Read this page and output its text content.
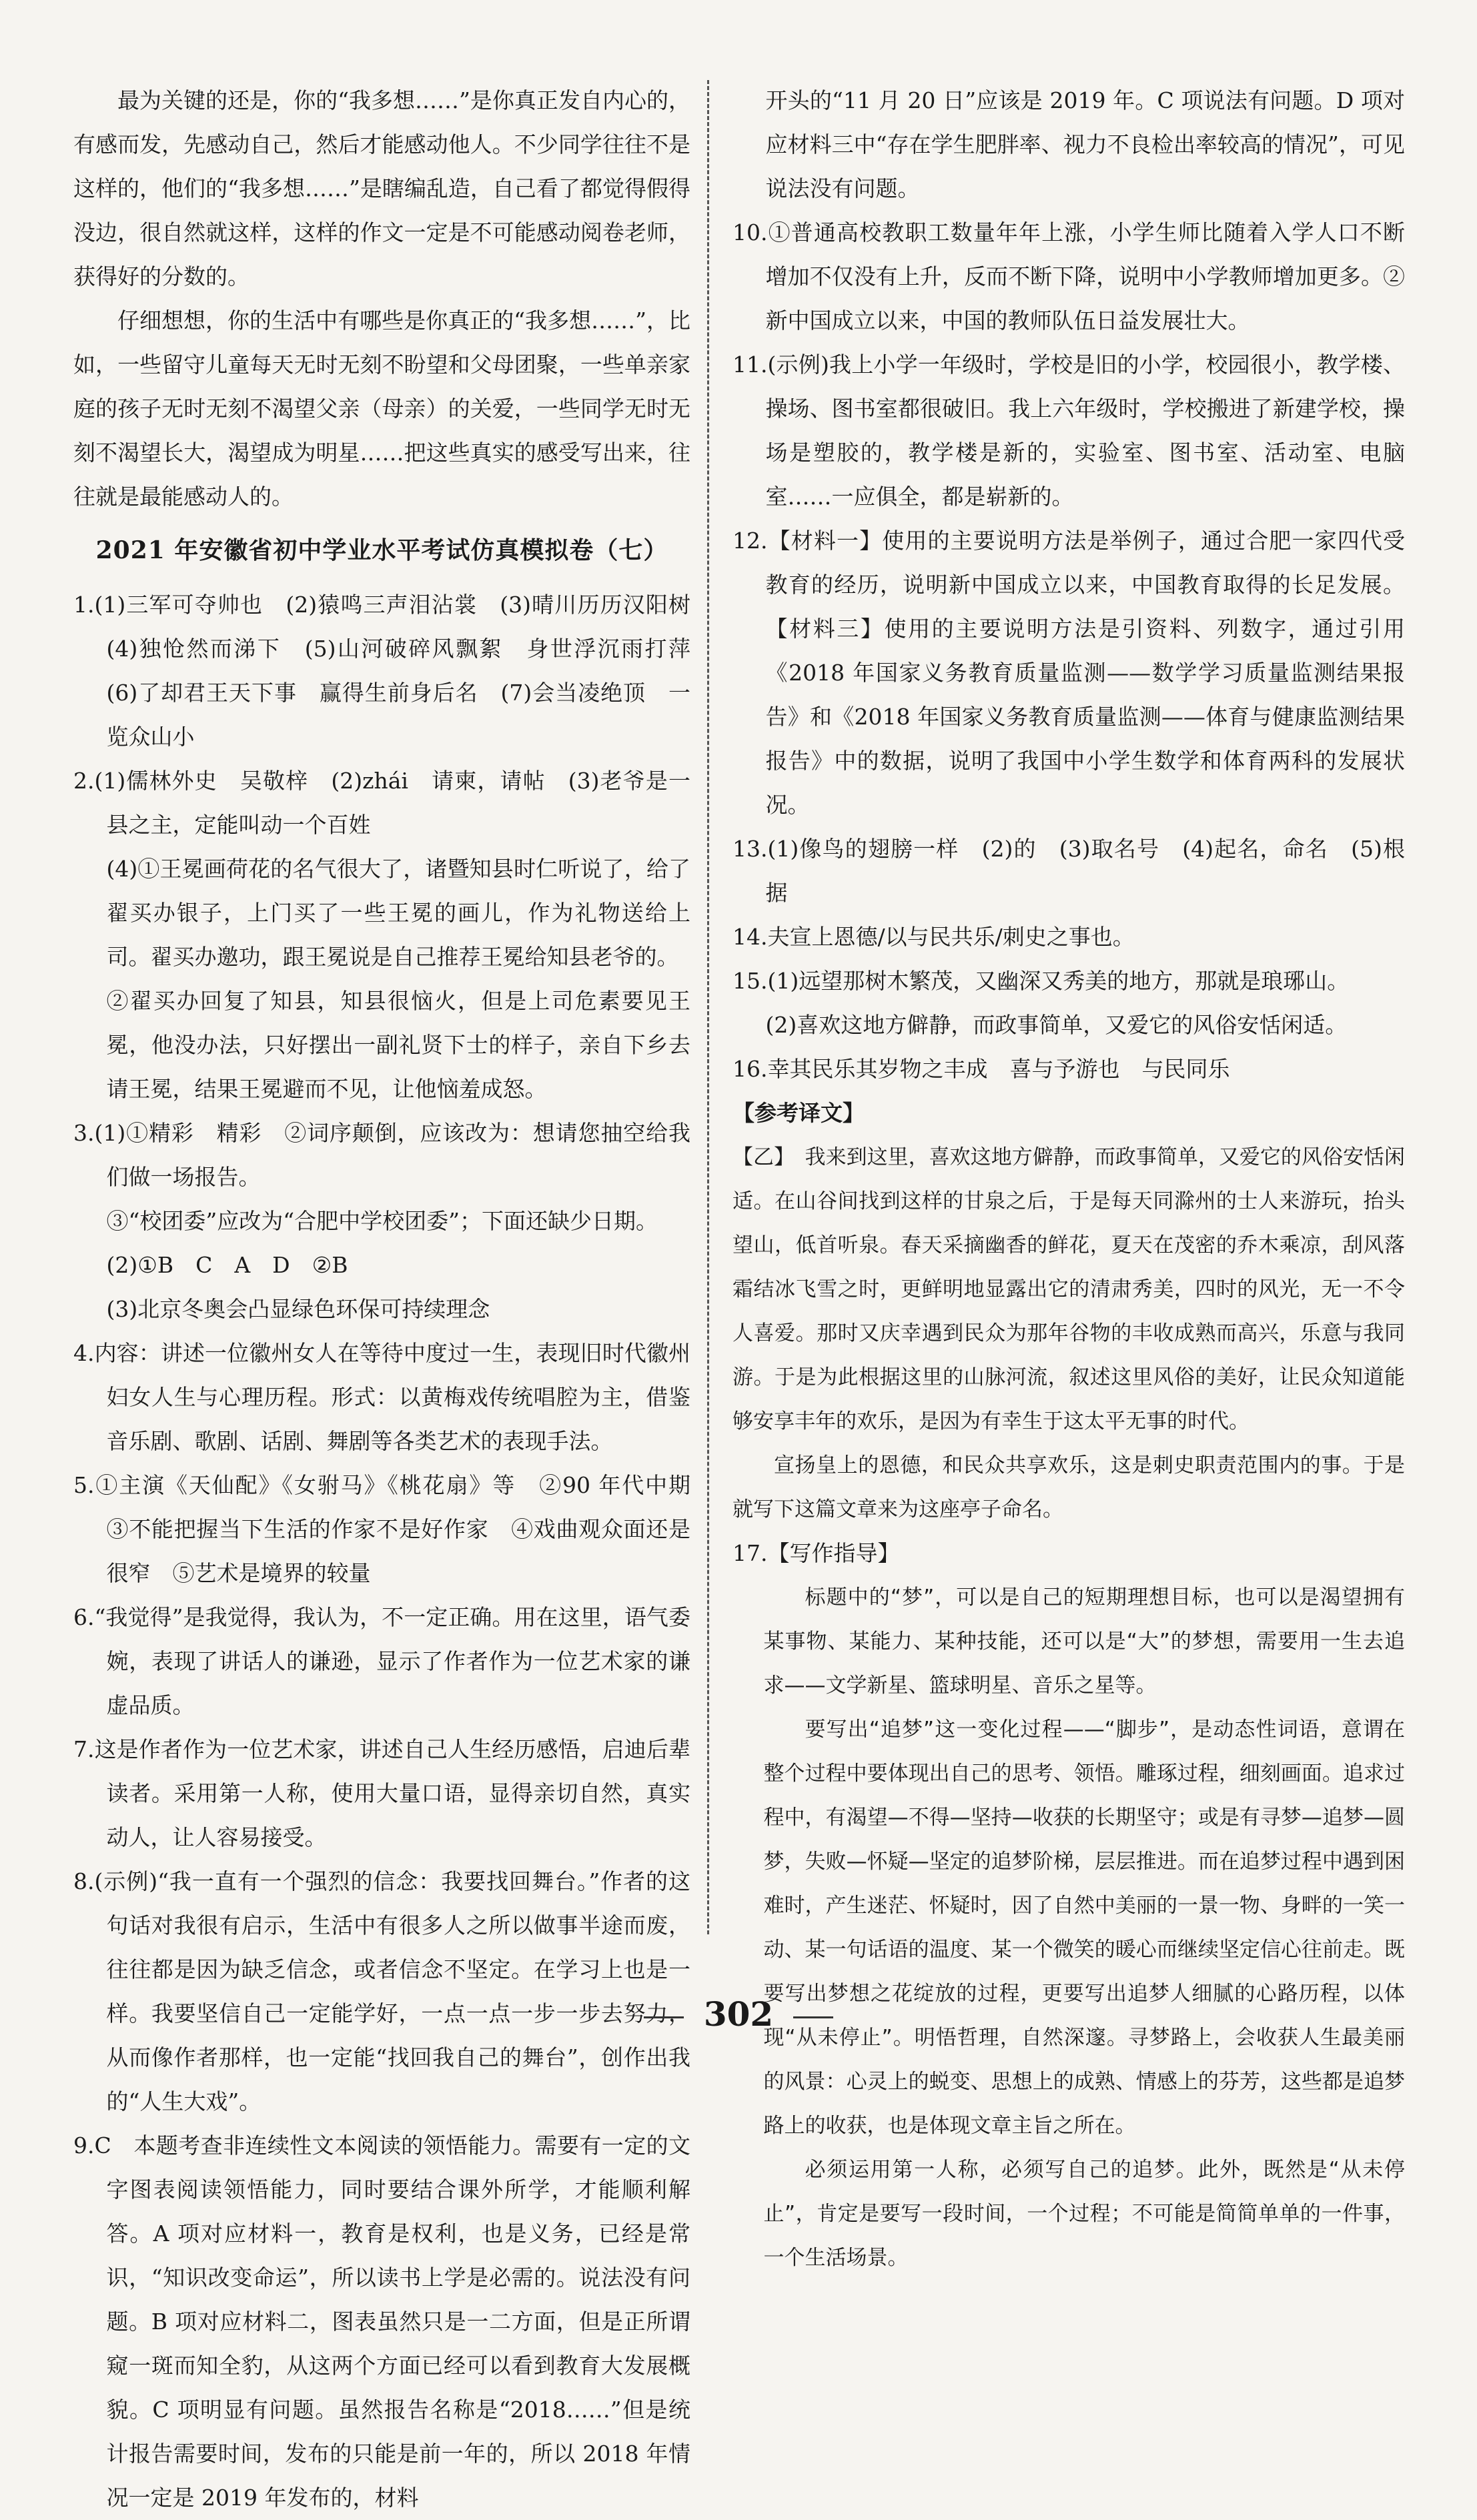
最为关键的还是，你的“我多想……”是你真正发自内心的，有感而发，先感动自己，然后才能感动他人。不少同学往往不是这样的，他们的“我多想……”是瞎编乱造，自己看了都觉得假得没边，很自然就这样，这样的作文一定是不可能感动阅卷老师，获得好的分数的。

仔细想想，你的生活中有哪些是你真正的“我多想……”，比如，一些留守儿童每天无时无刻不盼望和父母团聚，一些单亲家庭的孩子无时无刻不渴望父亲（母亲）的关爱，一些同学无时无刻不渴望长大，渴望成为明星……把这些真实的感受写出来，往往就是最能感动人的。

2021 年安徽省初中学业水平考试仿真模拟卷（七）

1.(1)三军可夺帅也　(2)猿鸣三声泪沾裳　(3)晴川历历汉阳树　(4)独怆然而涕下　(5)山河破碎风飘絮　身世浮沉雨打萍　(6)了却君王天下事　赢得生前身后名　(7)会当凌绝顶　一览众山小

2.(1)儒林外史　吴敬梓　(2)zhái　请柬，请帖　(3)老爷是一县之主，定能叫动一个百姓

(4)①王冕画荷花的名气很大了，诸暨知县时仁听说了，给了翟买办银子，上门买了一些王冕的画儿，作为礼物送给上司。翟买办邀功，跟王冕说是自己推荐王冕给知县老爷的。

②翟买办回复了知县，知县很恼火，但是上司危素要见王冕，他没办法，只好摆出一副礼贤下士的样子，亲自下乡去请王冕，结果王冕避而不见，让他恼羞成怒。

3.(1)①精彩　精彩　②词序颠倒，应该改为：想请您抽空给我们做一场报告。

③“校团委”应改为“合肥中学校团委”；下面还缺少日期。

(2)①B　C　A　D　②B

(3)北京冬奥会凸显绿色环保可持续理念

4.内容：讲述一位徽州女人在等待中度过一生，表现旧时代徽州妇女人生与心理历程。形式：以黄梅戏传统唱腔为主，借鉴音乐剧、歌剧、话剧、舞剧等各类艺术的表现手法。

5.①主演《天仙配》《女驸马》《桃花扇》等　②90 年代中期　③不能把握当下生活的作家不是好作家　④戏曲观众面还是很窄　⑤艺术是境界的较量

6.“我觉得”是我觉得，我认为，不一定正确。用在这里，语气委婉，表现了讲话人的谦逊，显示了作者作为一位艺术家的谦虚品质。

7.这是作者作为一位艺术家，讲述自己人生经历感悟，启迪后辈读者。采用第一人称，使用大量口语，显得亲切自然，真实动人，让人容易接受。

8.(示例)“我一直有一个强烈的信念：我要找回舞台。”作者的这句话对我很有启示，生活中有很多人之所以做事半途而废，往往都是因为缺乏信念，或者信念不坚定。在学习上也是一样。我要坚信自己一定能学好，一点一点一步一步去努力，从而像作者那样，也一定能“找回我自己的舞台”，创作出我的“人生大戏”。

9.C　本题考查非连续性文本阅读的领悟能力。需要有一定的文字图表阅读领悟能力，同时要结合课外所学，才能顺利解答。A 项对应材料一，教育是权利，也是义务，已经是常识，“知识改变命运”，所以读书上学是必需的。说法没有问题。B 项对应材料二，图表虽然只是一二方面，但是正所谓窥一斑而知全豹，从这两个方面已经可以看到教育大发展概貌。C 项明显有问题。虽然报告名称是“2018……”但是统计报告需要时间，发布的只能是前一年的，所以 2018 年情况一定是 2019 年发布的，材料

开头的“11 月 20 日”应该是 2019 年。C 项说法有问题。D 项对应材料三中“存在学生肥胖率、视力不良检出率较高的情况”，可见说法没有问题。

10.①普通高校教职工数量年年上涨，小学生师比随着入学人口不断增加不仅没有上升，反而不断下降，说明中小学教师增加更多。②新中国成立以来，中国的教师队伍日益发展壮大。

11.(示例)我上小学一年级时，学校是旧的小学，校园很小，教学楼、操场、图书室都很破旧。我上六年级时，学校搬进了新建学校，操场是塑胶的，教学楼是新的，实验室、图书室、活动室、电脑室……一应俱全，都是崭新的。

12.【材料一】使用的主要说明方法是举例子，通过合肥一家四代受教育的经历，说明新中国成立以来，中国教育取得的长足发展。【材料三】使用的主要说明方法是引资料、列数字，通过引用《2018 年国家义务教育质量监测——数学学习质量监测结果报告》和《2018 年国家义务教育质量监测——体育与健康监测结果报告》中的数据，说明了我国中小学生数学和体育两科的发展状况。

13.(1)像鸟的翅膀一样　(2)的　(3)取名号　(4)起名，命名　(5)根据

14.夫宣上恩德/以与民共乐/刺史之事也。

15.(1)远望那树木繁茂，又幽深又秀美的地方，那就是琅琊山。

(2)喜欢这地方僻静，而政事简单，又爱它的风俗安恬闲适。

16.幸其民乐其岁物之丰成　喜与予游也　与民同乐

【参考译文】

【乙】　我来到这里，喜欢这地方僻静，而政事简单，又爱它的风俗安恬闲适。在山谷间找到这样的甘泉之后，于是每天同滁州的士人来游玩，抬头望山，低首听泉。春天采摘幽香的鲜花，夏天在茂密的乔木乘凉，刮风落霜结冰飞雪之时，更鲜明地显露出它的清肃秀美，四时的风光，无一不令人喜爱。那时又庆幸遇到民众为那年谷物的丰收成熟而高兴，乐意与我同游。于是为此根据这里的山脉河流，叙述这里风俗的美好，让民众知道能够安享丰年的欢乐，是因为有幸生于这太平无事的时代。

宣扬皇上的恩德，和民众共享欢乐，这是刺史职责范围内的事。于是就写下这篇文章来为这座亭子命名。

17.【写作指导】

标题中的“梦”，可以是自己的短期理想目标，也可以是渴望拥有某事物、某能力、某种技能，还可以是“大”的梦想，需要用一生去追求——文学新星、篮球明星、音乐之星等。

要写出“追梦”这一变化过程——“脚步”，是动态性词语，意谓在整个过程中要体现出自己的思考、领悟。雕琢过程，细刻画面。追求过程中，有渴望—不得—坚持—收获的长期坚守；或是有寻梦—追梦—圆梦，失败—怀疑—坚定的追梦阶梯，层层推进。而在追梦过程中遇到困难时，产生迷茫、怀疑时，因了自然中美丽的一景一物、身畔的一笑一动、某一句话语的温度、某一个微笑的暖心而继续坚定信心往前走。既要写出梦想之花绽放的过程，更要写出追梦人细腻的心路历程，以体现“从未停止”。明悟哲理，自然深邃。寻梦路上，会收获人生最美丽的风景：心灵上的蜕变、思想上的成熟、情感上的芬芳，这些都是追梦路上的收获，也是体现文章主旨之所在。

必须运用第一人称，必须写自己的追梦。此外，既然是“从未停止”，肯定是要写一段时间，一个过程；不可能是简简单单的一件事，一个生活场景。

302
